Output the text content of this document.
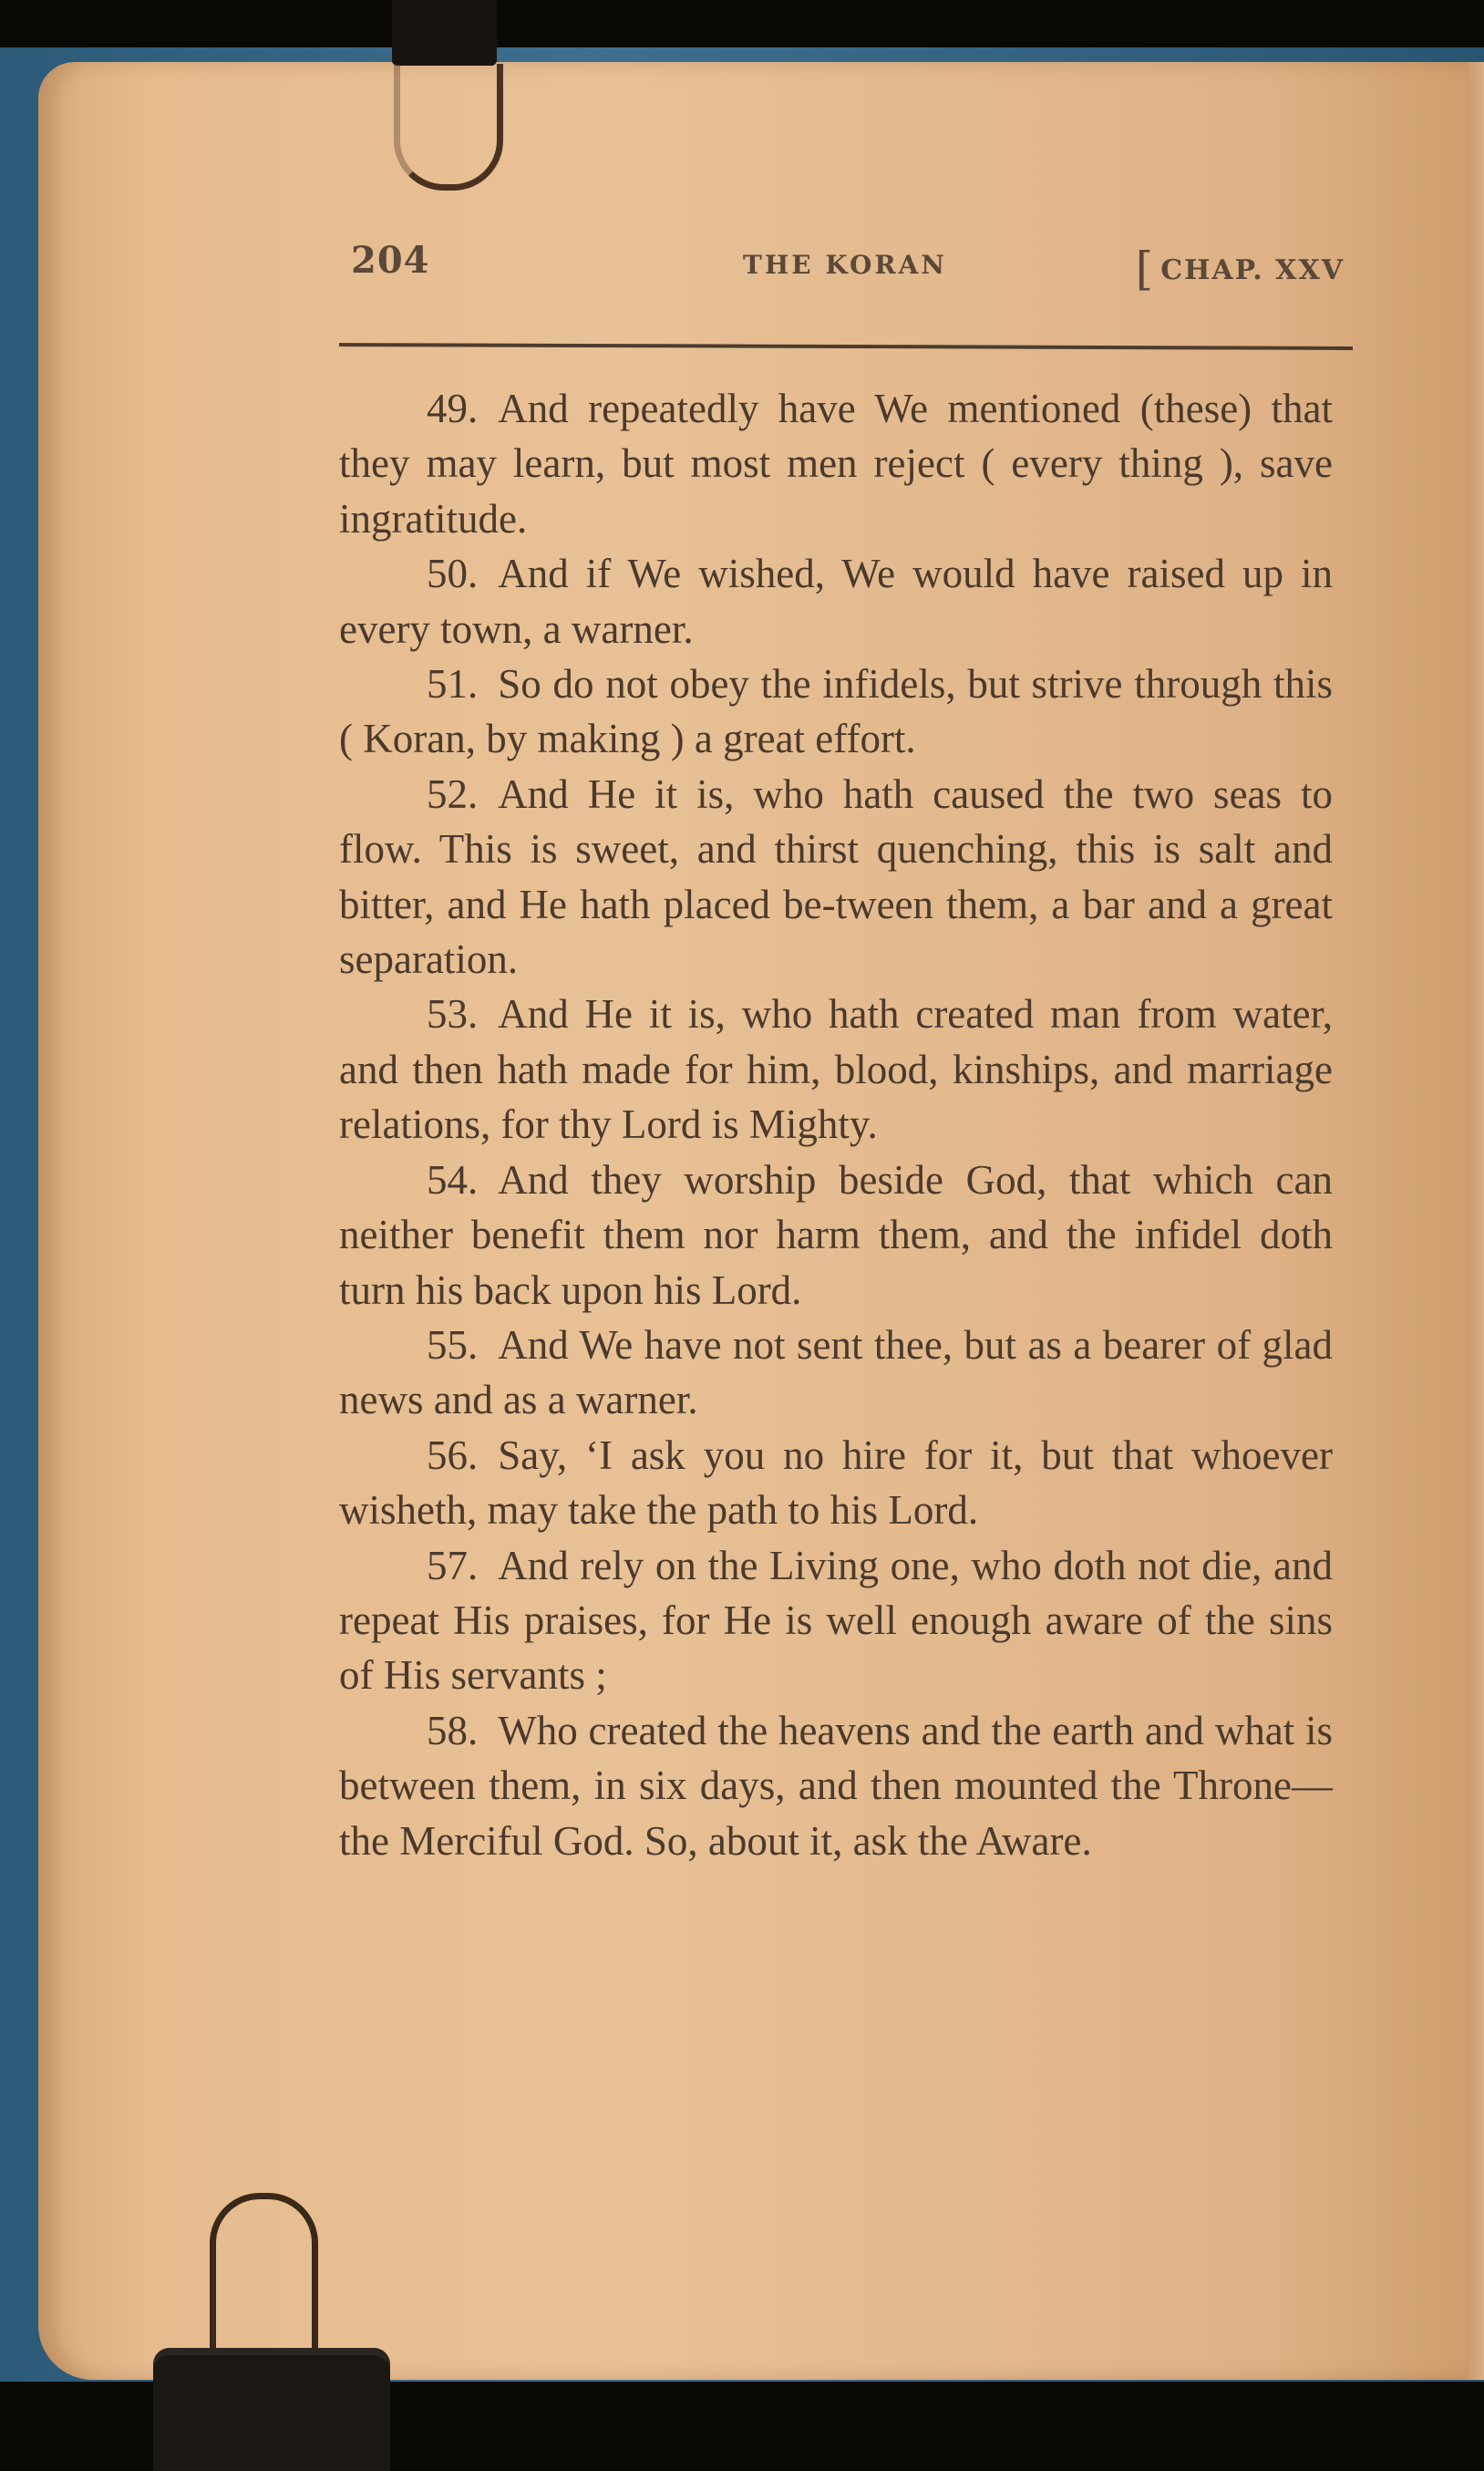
204	THE KORAN	[ CHAP. XXV

49. And repeatedly have We mentioned (these) that they may learn, but most men reject ( every thing ), save ingratitude.

50. And if We wished, We would have raised up in every town, a warner.

51. So do not obey the infidels, but strive through this ( Koran, by making ) a great effort.

52. And He it is, who hath caused the two seas to flow. This is sweet, and thirst quenching, this is salt and bitter, and He hath placed be-tween them, a bar and a great separation.

53. And He it is, who hath created man from water, and then hath made for him, blood, kinships, and marriage relations, for thy Lord is Mighty.

54. And they worship beside God, that which can neither benefit them nor harm them, and the infidel doth turn his back upon his Lord.

55. And We have not sent thee, but as a bearer of glad news and as a warner.

56. Say, ‘I ask you no hire for it, but that whoever wisheth, may take the path to his Lord.

57. And rely on the Living one, who doth not die, and repeat His praises, for He is well enough aware of the sins of His servants ;

58. Who created the heavens and the earth and what is between them, in six days, and then mounted the Throne—the Merciful God. So, about it, ask the Aware.
